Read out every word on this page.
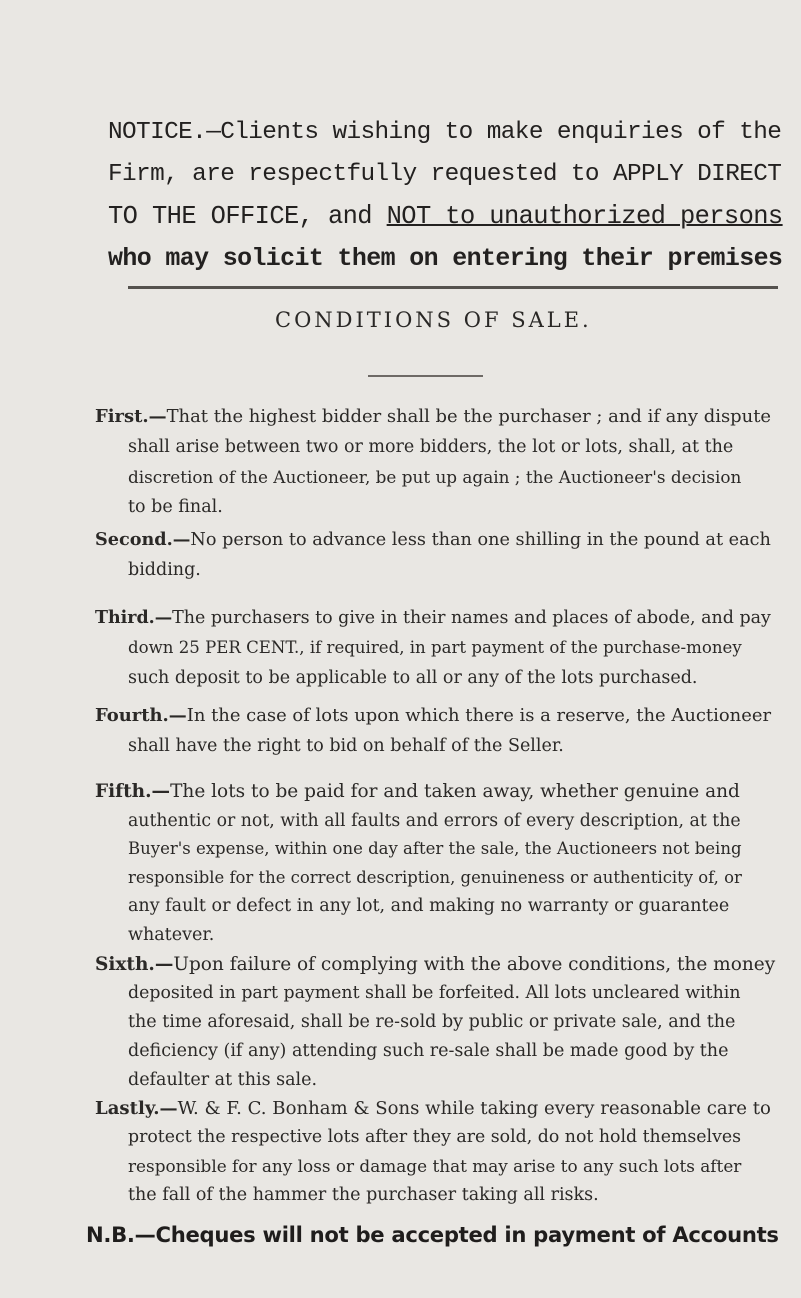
NOTICE.—Clients wishing to make enquiries of the
Firm, are respectfully requested to APPLY DIRECT
TO THE OFFICE, and NOT to unauthorized persons
who may solicit them on entering their premises
CONDITIONS OF SALE.
First.—That the highest bidder shall be the purchaser ; and if any dispute
shall arise between two or more bidders, the lot or lots, shall, at the
discretion of the Auctioneer, be put up again ; the Auctioneer's decision
to be final.
Second.—No person to advance less than one shilling in the pound at each
bidding.
Third.—The purchasers to give in their names and places of abode, and pay
down 25 PER CENT., if required, in part payment of the purchase-money
such deposit to be applicable to all or any of the lots purchased.
Fourth.—In the case of lots upon which there is a reserve, the Auctioneer
shall have the right to bid on behalf of the Seller.
Fifth.—The lots to be paid for and taken away, whether genuine and
authentic or not, with all faults and errors of every description, at the
Buyer's expense, within one day after the sale, the Auctioneers not being
responsible for the correct description, genuineness or authenticity of, or
any fault or defect in any lot, and making no warranty or guarantee
whatever.
Sixth.—Upon failure of complying with the above conditions, the money
deposited in part payment shall be forfeited. All lots uncleared within
the time aforesaid, shall be re-sold by public or private sale, and the
deficiency (if any) attending such re-sale shall be made good by the
defaulter at this sale.
Lastly.—W. & F. C. Bonham & Sons while taking every reasonable care to
protect the respective lots after they are sold, do not hold themselves
responsible for any loss or damage that may arise to any such lots after
the fall of the hammer the purchaser taking all risks.
N.B.—Cheques will not be accepted in payment of Accounts
